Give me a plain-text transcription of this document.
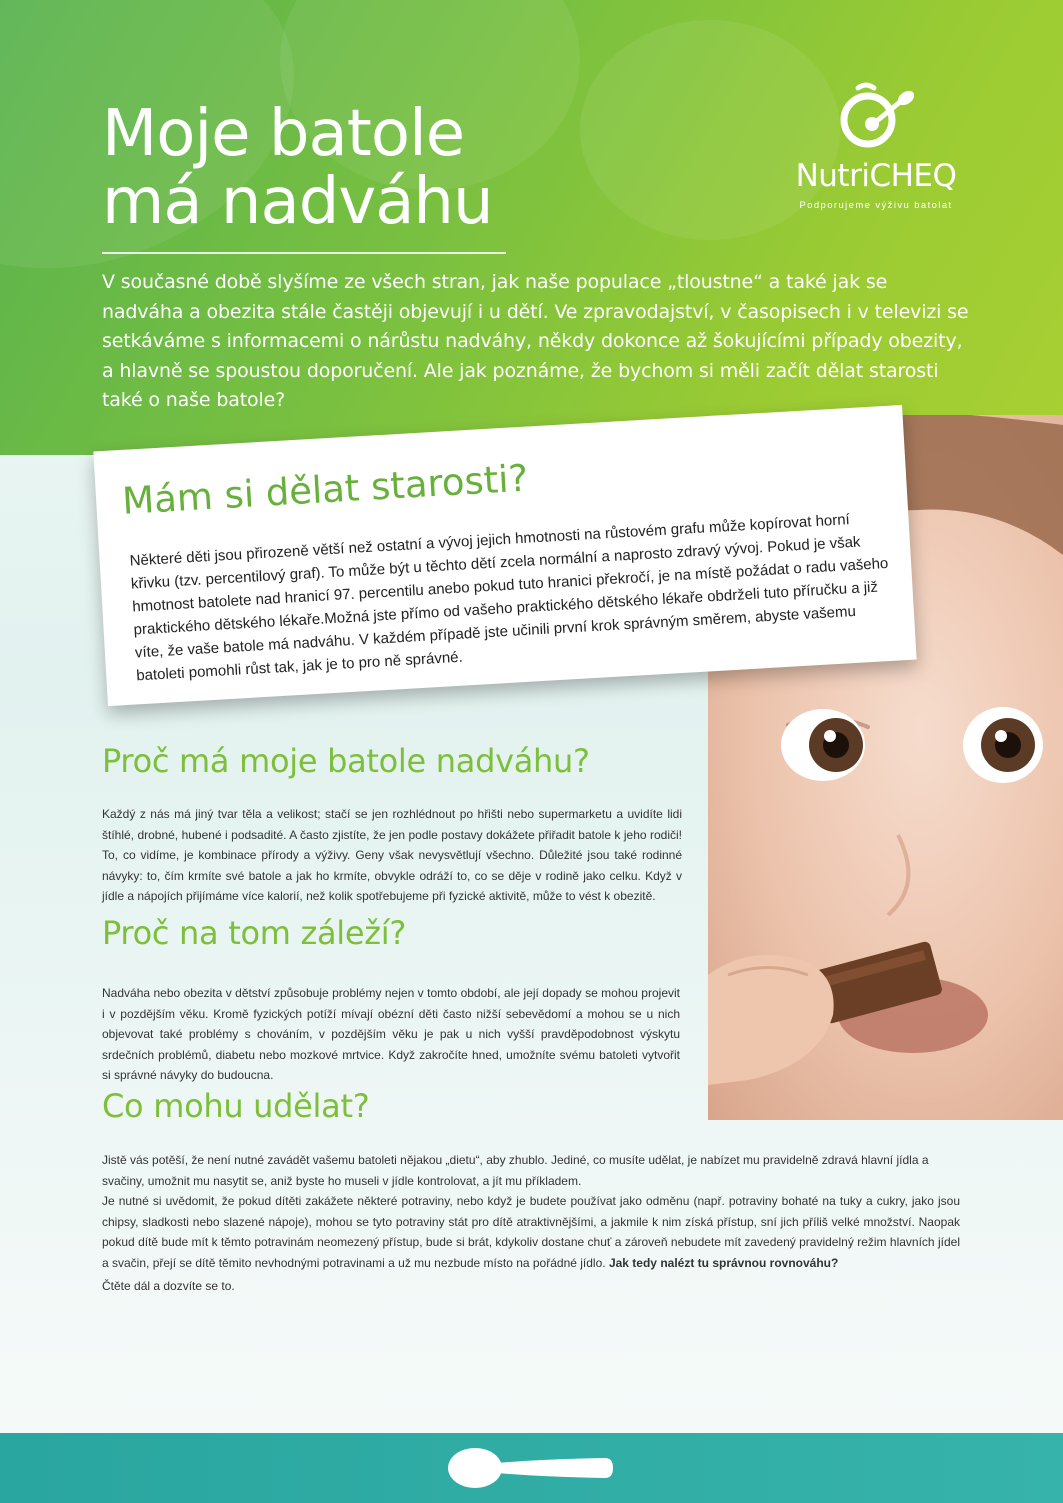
Moje batole
má nadváhu	NutriCHEQ
Podporujeme výživu batolat

V současné době slyšíme ze všech stran, jak naše populace „tloustne“ a také jak se nadváha a obezita stále častěji objevují i u dětí. Ve zpravodajství, v časopisech i v televizi se setkáváme s informacemi o nárůstu nadváhy, někdy dokonce až šokujícími případy obezity, a hlavně se spoustou doporučení. Ale jak poznáme, že bychom si měli začít dělat starosti také o naše batole?

Mám si dělat starosti?

Některé děti jsou přirozeně větší než ostatní a vývoj jejich hmotnosti na růstovém grafu může kopírovat horní křivku (tzv. percentilový graf). To může být u těchto dětí zcela normální a naprosto zdravý vývoj. Pokud je však hmotnost batolete nad hranicí 97. percentilu anebo pokud tuto hranici překročí, je na místě požádat o radu vašeho praktického dětského lékaře.Možná jste přímo od vašeho praktického dětského lékaře obdrželi tuto příručku a již víte, že vaše batole má nadváhu. V každém případě jste učinili první krok správným směrem, abyste vašemu batoleti pomohli růst tak, jak je to pro ně správné.

Proč má moje batole nadváhu?

Každý z nás má jiný tvar těla a velikost; stačí se jen rozhlédnout po hřišti nebo supermarketu a uvidíte lidi štíhlé, drobné, hubené i podsadité. A často zjistíte, že jen podle postavy dokážete přiřadit batole k jeho rodiči! To, co vidíme, je kombinace přírody a výživy. Geny však nevysvětlují všechno. Důležité jsou také rodinné návyky: to, čím krmíte své batole a jak ho krmíte, obvykle odráží to, co se děje v rodině jako celku. Když v jídle a nápojích přijímáme více kalorií, než kolik spotřebujeme při fyzické aktivitě, může to vést k obezitě.

Proč na tom záleží?

Nadváha nebo obezita v dětství způsobuje problémy nejen v tomto období, ale její dopady se mohou projevit i v pozdějším věku. Kromě fyzických potíží mívají obézní děti často nižší sebevědomí a mohou se u nich objevovat také problémy s chováním, v pozdějším věku je pak u nich vyšší pravděpodobnost výskytu srdečních problémů, diabetu nebo mozkové mrtvice. Když zakročíte hned, umožníte svému batoleti vytvořit si správné návyky do budoucna.

Co mohu udělat?

Jistě vás potěší, že není nutné zavádět vašemu batoleti nějakou „dietu“, aby zhublo. Jediné, co musíte udělat, je nabízet mu pravidelně zdravá hlavní jídla a svačiny, umožnit mu nasytit se, aniž byste ho museli v jídle kontrolovat, a jít mu příkladem.

Je nutné si uvědomit, že pokud dítěti zakážete některé potraviny, nebo když je budete používat jako odměnu (např. potraviny bohaté na tuky a cukry, jako jsou chipsy, sladkosti nebo slazené nápoje), mohou se tyto potraviny stát pro dítě atraktivnějšími, a jakmile k nim získá přístup, sní jich příliš velké množství. Naopak pokud dítě bude mít k těmto potravinám neomezený přístup, bude si brát, kdykoliv dostane chuť a zároveň nebudete mít zavedený pravidelný režim hlavních jídel a svačin, přejí se dítě těmito nevhodnými potravinami a už mu nezbude místo na pořádné jídlo. Jak tedy nalézt tu správnou rovnováhu?

Čtěte dál a dozvíte se to.
